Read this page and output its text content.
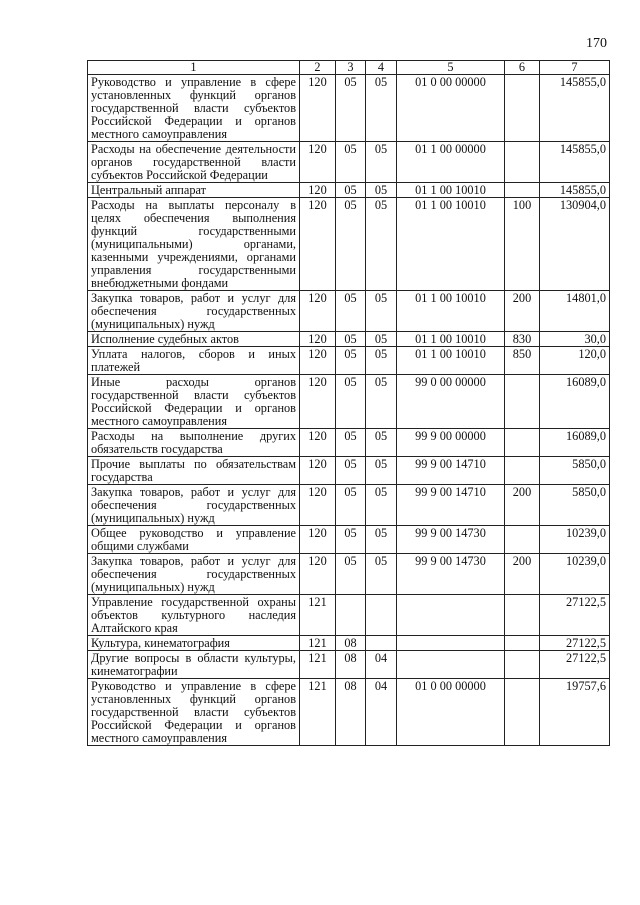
170
1	2	3	4	5	6	7
Руководство и управление в сфере установленных функций органов государственной власти субъектов Российской Федерации и органов местного самоуправления	120	05	05	01 0 00 00000		145855,0
Расходы на обеспечение деятельности органов государственной власти субъектов Российской Федерации	120	05	05	01 1 00 00000		145855,0
Центральный аппарат	120	05	05	01 1 00 10010		145855,0
Расходы на выплаты персоналу в целях обеспечения выполнения функций государственными (муниципальными) органами, казенными учреждениями, органами управления государственными внебюджетными фондами	120	05	05	01 1 00 10010	100	130904,0
Закупка товаров, работ и услуг для обеспечения государственных (муниципальных) нужд	120	05	05	01 1 00 10010	200	14801,0
Исполнение судебных актов	120	05	05	01 1 00 10010	830	30,0
Уплата налогов, сборов и иных платежей	120	05	05	01 1 00 10010	850	120,0
Иные расходы органов государственной власти субъектов Российской Федерации и органов местного самоуправления	120	05	05	99 0 00 00000		16089,0
Расходы на выполнение других обязательств государства	120	05	05	99 9 00 00000		16089,0
Прочие выплаты по обязательствам государства	120	05	05	99 9 00 14710		5850,0
Закупка товаров, работ и услуг для обеспечения государственных (муниципальных) нужд	120	05	05	99 9 00 14710	200	5850,0
Общее руководство и управление общими службами	120	05	05	99 9 00 14730		10239,0
Закупка товаров, работ и услуг для обеспечения государственных (муниципальных) нужд	120	05	05	99 9 00 14730	200	10239,0
Управление государственной охраны объектов культурного наследия Алтайского края	121					27122,5
Культура, кинематография	121	08				27122,5
Другие вопросы в области культуры, кинематографии	121	08	04			27122,5
Руководство и управление в сфере установленных функций органов государственной власти субъектов Российской Федерации и органов местного самоуправления	121	08	04	01 0 00 00000		19757,6
